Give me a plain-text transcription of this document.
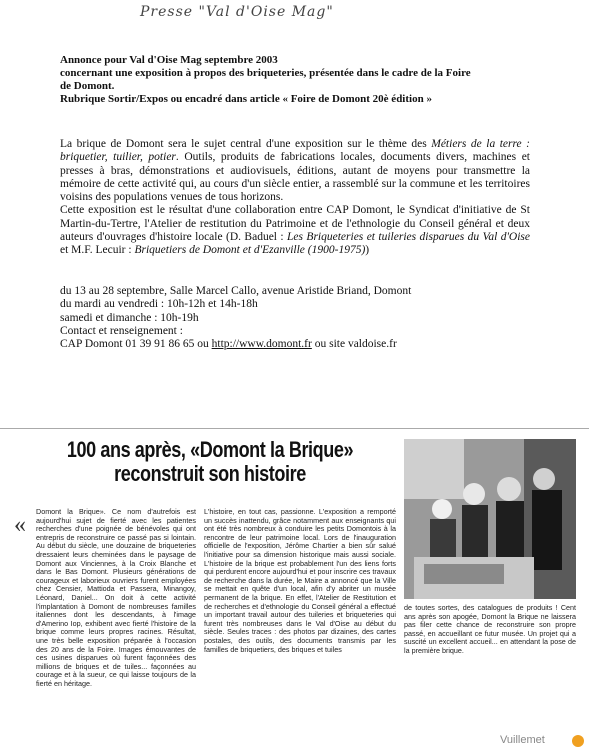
Presse "Val d'Oise Mag"
Annonce pour Val d'Oise Mag septembre 2003
concernant une exposition à propos des briqueteries, présentée dans le cadre de la Foire
de Domont.
Rubrique Sortir/Expos ou encadré dans article « Foire de Domont 20è édition »

La brique de Domont sera le sujet central d'une exposition sur le thème des Métiers de la terre : briquetier, tuilier, potier. Outils, produits de fabrications locales, documents divers, machines et presses à bras, démonstrations et audiovisuels, éditions, autant de moyens pour transmettre la mémoire de cette activité qui, au cours d'un siècle entier, a rassemblé sur la commune et les territoires voisins des populations venues de tous horizons.

Cette exposition est le résultat d'une collaboration entre CAP Domont, le Syndicat d'initiative de St Martin-du-Tertre, l'Atelier de restitution du Patrimoine et de l'ethnologie du Conseil général et deux auteurs d'ouvrages d'histoire locale (D. Baduel : Les Briqueteries et tuileries disparues du Val d'Oise et M.F. Lecuir : Briquetiers de Domont et d'Ezanville (1900-1975))

du 13 au 28 septembre, Salle Marcel Callo, avenue Aristide Briand, Domont
du mardi au vendredi : 10h-12h et 14h-18h
samedi et dimanche : 10h-19h
Contact et renseignement :
CAP Domont 01 39 91 86 65 ou http://www.domont.fr ou site valdoise.fr
100 ans après, «Domont la Brique»
reconstruit son histoire
«

Domont la Brique». Ce nom d'autrefois est aujourd'hui sujet de fierté avec les patientes recherches d'une poignée de bénévoles qui ont entrepris de reconstruire ce passé pas si lointain. Au début du siècle, une douzaine de briqueteries dressaient leurs cheminées dans le paysage de Domont aux Vinciennes, à la Croix Blanche et dans le Bas Domont. Plusieurs générations de courageux et laborieux ouvriers furent employées chez Censier, Mattioda et Passera, Minangoy, Léonard, Daniel... On doit à cette activité l'implantation à Domont de nombreuses familles italiennes dont les descendants, à l'image d'Amerino Iop, exhibent avec fierté l'histoire de la brique comme leurs propres racines. Résultat, une très belle exposition préparée à l'occasion des 20 ans de la Foire. Images émouvantes de ces usines disparues où furent façonnées des millions de briques et de tuiles... façonnées au courage et à la sueur, ce qui laisse toujours de la fierté en héritage.

L'histoire, en tout cas, passionne. L'exposition a remporté un succès inattendu, grâce notamment aux enseignants qui ont été très nombreux à conduire les petits Domontois à la rencontre de leur patrimoine local. Lors de l'inauguration officielle de l'exposition, Jérôme Chartier a bien sûr salué l'initiative pour sa dimension historique mais aussi sociale. L'histoire de la brique est probablement l'un des liens forts qui perdurent encore aujourd'hui et pour inscrire ces travaux de recherche dans la durée, le Maire a annoncé que la Ville se mettait en quête d'un local, afin d'y abriter un musée permanent de la brique. En effet, l'Atelier de Restitution et de recherches et d'ethnologie du Conseil général a effectué un important travail autour des tuileries et briqueteries qui furent très nombreuses dans le Val d'Oise au début du siècle. Seules traces : des photos par dizaines, des cartes postales, des outils, des documents transmis par les familles de briquetiers, des briques et tuiles

de toutes sortes, des catalogues de produits ! Cent ans après son apogée, Domont la Brique ne laissera pas filer cette chance de reconstruire son propre passé, en accueillant ce futur musée. Un projet qui a suscité un excellent accueil... en attendant la pose de la première brique.

Vuillemet
